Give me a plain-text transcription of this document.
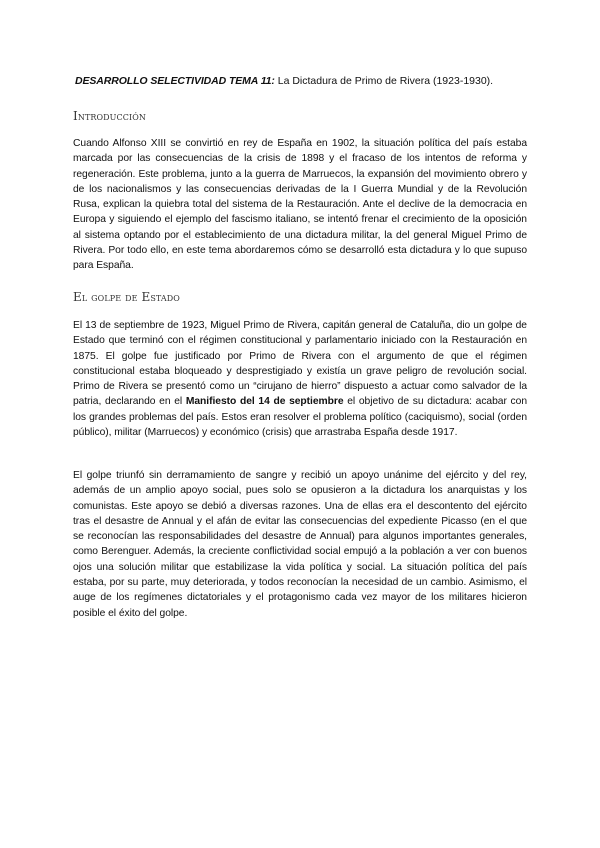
DESARROLLO SELECTIVIDAD TEMA 11: La Dictadura de Primo de Rivera (1923-1930).
Introducción

Cuando Alfonso XIII se convirtió en rey de España en 1902, la situación política del país estaba marcada por las consecuencias de la crisis de 1898 y el fracaso de los intentos de reforma y regeneración. Este problema, junto a la guerra de Marruecos, la expansión del movimiento obrero y de los nacionalismos y las consecuencias derivadas de la I Guerra Mundial y de la Revolución Rusa, explican la quiebra total del sistema de la Restauración. Ante el declive de la democracia en Europa y siguiendo el ejemplo del fascismo italiano, se intentó frenar el crecimiento de la oposición al sistema optando por el establecimiento de una dictadura militar, la del general Miguel Primo de Rivera. Por todo ello, en este tema abordaremos cómo se desarrolló esta dictadura y lo que supuso para España.

El golpe de Estado

El 13 de septiembre de 1923, Miguel Primo de Rivera, capitán general de Cataluña, dio un golpe de Estado que terminó con el régimen constitucional y parlamentario iniciado con la Restauración en 1875. El golpe fue justificado por Primo de Rivera con el argumento de que el régimen constitucional estaba bloqueado y desprestigiado y existía un grave peligro de revolución social. Primo de Rivera se presentó como un “cirujano de hierro” dispuesto a actuar como salvador de la patria, declarando en el Manifiesto del 14 de septiembre el objetivo de su dictadura: acabar con los grandes problemas del país. Estos eran resolver el problema político (caciquismo), social (orden público), militar (Marruecos) y económico (crisis) que arrastraba España desde 1917.

El golpe triunfó sin derramamiento de sangre y recibió un apoyo unánime del ejército y del rey, además de un amplio apoyo social, pues solo se opusieron a la dictadura los anarquistas y los comunistas. Este apoyo se debió a diversas razones. Una de ellas era el descontento del ejército tras el desastre de Annual y el afán de evitar las consecuencias del expediente Picasso (en el que se reconocían las responsabilidades del desastre de Annual) para algunos importantes generales, como Berenguer. Además, la creciente conflictividad social empujó a la población a ver con buenos ojos una solución militar que estabilizase la vida política y social. La situación política del país estaba, por su parte, muy deteriorada, y todos reconocían la necesidad de un cambio. Asimismo, el auge de los regímenes dictatoriales y el protagonismo cada vez mayor de los militares hicieron posible el éxito del golpe.
